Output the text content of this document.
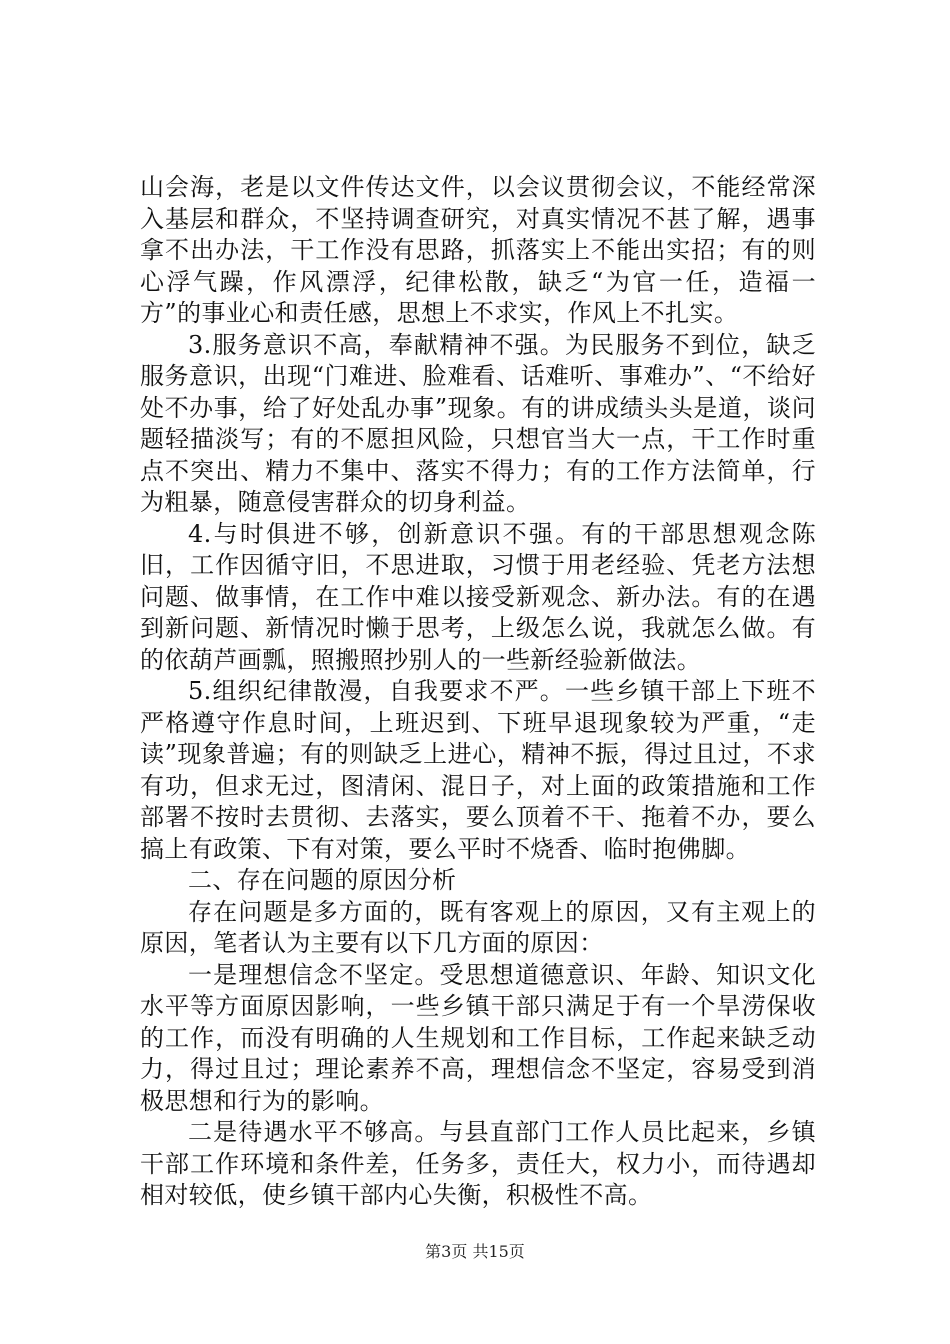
山会海，老是以文件传达文件，以会议贯彻会议，不能经常深入基层和群众，不坚持调查研究，对真实情况不甚了解，遇事拿不出办法，干工作没有思路，抓落实上不能出实招；有的则心浮气躁，作风漂浮，纪律松散，缺乏“为官一任，造福一方”的事业心和责任感，思想上不求实，作风上不扎实。

3.服务意识不高，奉献精神不强。为民服务不到位，缺乏服务意识，出现“门难进、脸难看、话难听、事难办”、“不给好处不办事，给了好处乱办事”现象。有的讲成绩头头是道，谈问题轻描淡写；有的不愿担风险，只想官当大一点，干工作时重点不突出、精力不集中、落实不得力；有的工作方法简单，行为粗暴，随意侵害群众的切身利益。

4.与时俱进不够，创新意识不强。有的干部思想观念陈旧，工作因循守旧，不思进取，习惯于用老经验、凭老方法想问题、做事情，在工作中难以接受新观念、新办法。有的在遇到新问题、新情况时懒于思考，上级怎么说，我就怎么做。有的依葫芦画瓢，照搬照抄别人的一些新经验新做法。

5.组织纪律散漫，自我要求不严。一些乡镇干部上下班不严格遵守作息时间，上班迟到、下班早退现象较为严重，“走读”现象普遍；有的则缺乏上进心，精神不振，得过且过，不求有功，但求无过，图清闲、混日子，对上面的政策措施和工作部署不按时去贯彻、去落实，要么顶着不干、拖着不办，要么搞上有政策、下有对策，要么平时不烧香、临时抱佛脚。

二、存在问题的原因分析

存在问题是多方面的，既有客观上的原因，又有主观上的原因，笔者认为主要有以下几方面的原因：

一是理想信念不坚定。受思想道德意识、年龄、知识文化水平等方面原因影响，一些乡镇干部只满足于有一个旱涝保收的工作，而没有明确的人生规划和工作目标，工作起来缺乏动力，得过且过；理论素养不高，理想信念不坚定，容易受到消极思想和行为的影响。

二是待遇水平不够高。与县直部门工作人员比起来，乡镇干部工作环境和条件差，任务多，责任大，权力小，而待遇却相对较低，使乡镇干部内心失衡，积极性不高。

第3页 共15页
